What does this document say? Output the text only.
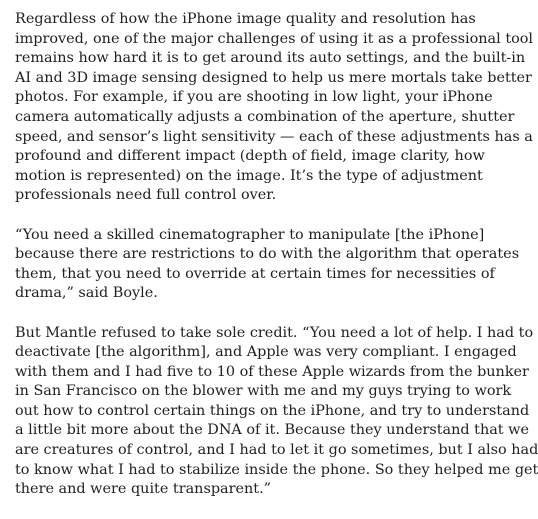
Regardless of how the iPhone image quality and resolution has
improved, one of the major challenges of using it as a professional tool
remains how hard it is to get around its auto settings, and the built-in
AI and 3D image sensing designed to help us mere mortals take better
photos. For example, if you are shooting in low light, your iPhone
camera automatically adjusts a combination of the aperture, shutter
speed, and sensor’s light sensitivity — each of these adjustments has a
profound and different impact (depth of field, image clarity, how
motion is represented) on the image. It’s the type of adjustment
professionals need full control over.

“You need a skilled cinematographer to manipulate [the iPhone]
because there are restrictions to do with the algorithm that operates
them, that you need to override at certain times for necessities of
drama,” said Boyle.

But Mantle refused to take sole credit. “You need a lot of help. I had to
deactivate [the algorithm], and Apple was very compliant. I engaged
with them and I had five to 10 of these Apple wizards from the bunker
in San Francisco on the blower with me and my guys trying to work
out how to control certain things on the iPhone, and try to understand
a little bit more about the DNA of it. Because they understand that we
are creatures of control, and I had to let it go sometimes, but I also had
to know what I had to stabilize inside the phone. So they helped me get
there and were quite transparent.”
